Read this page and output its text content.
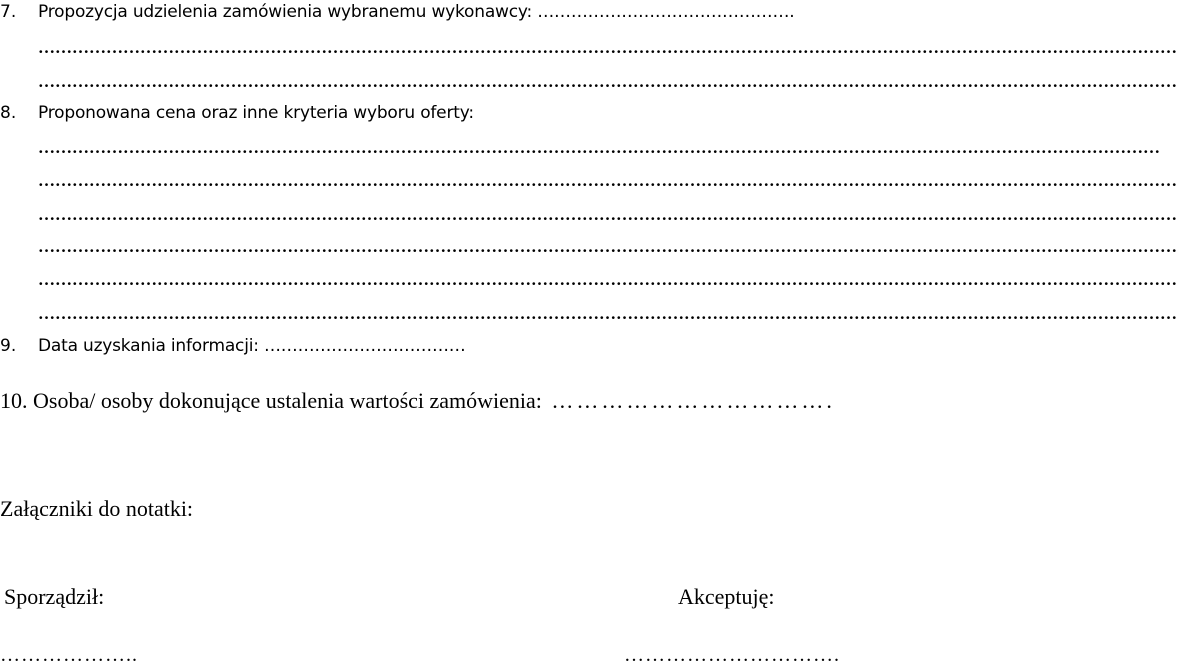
7. Propozycja udzielenia zamówienia wybranemu wykonawcy: ……………………………………….
…………………………………………………………………………………………………………………………………………………………………………………
…………………………………………………………………………………………………………………………………………………………………………………
8. Proponowana cena oraz inne kryteria wyboru oferty:
………………………………………………………………………………………………………………………………………………………………………………
…………………………………………………………………………………………………………………………………………………………………………………
…………………………………………………………………………………………………………………………………………………………………………………
…………………………………………………………………………………………………………………………………………………………………………………
…………………………………………………………………………………………………………………………………………………………………………………
…………………………………………………………………………………………………………………………………………………………………………………
9. Data uzyskania informacji: ………………………………
10. Osoba/ osoby dokonujące ustalenia wartości zamówienia: …………………………….
Załączniki do notatki:
Sporządził:
………………..
Akceptuję:
………………………….
